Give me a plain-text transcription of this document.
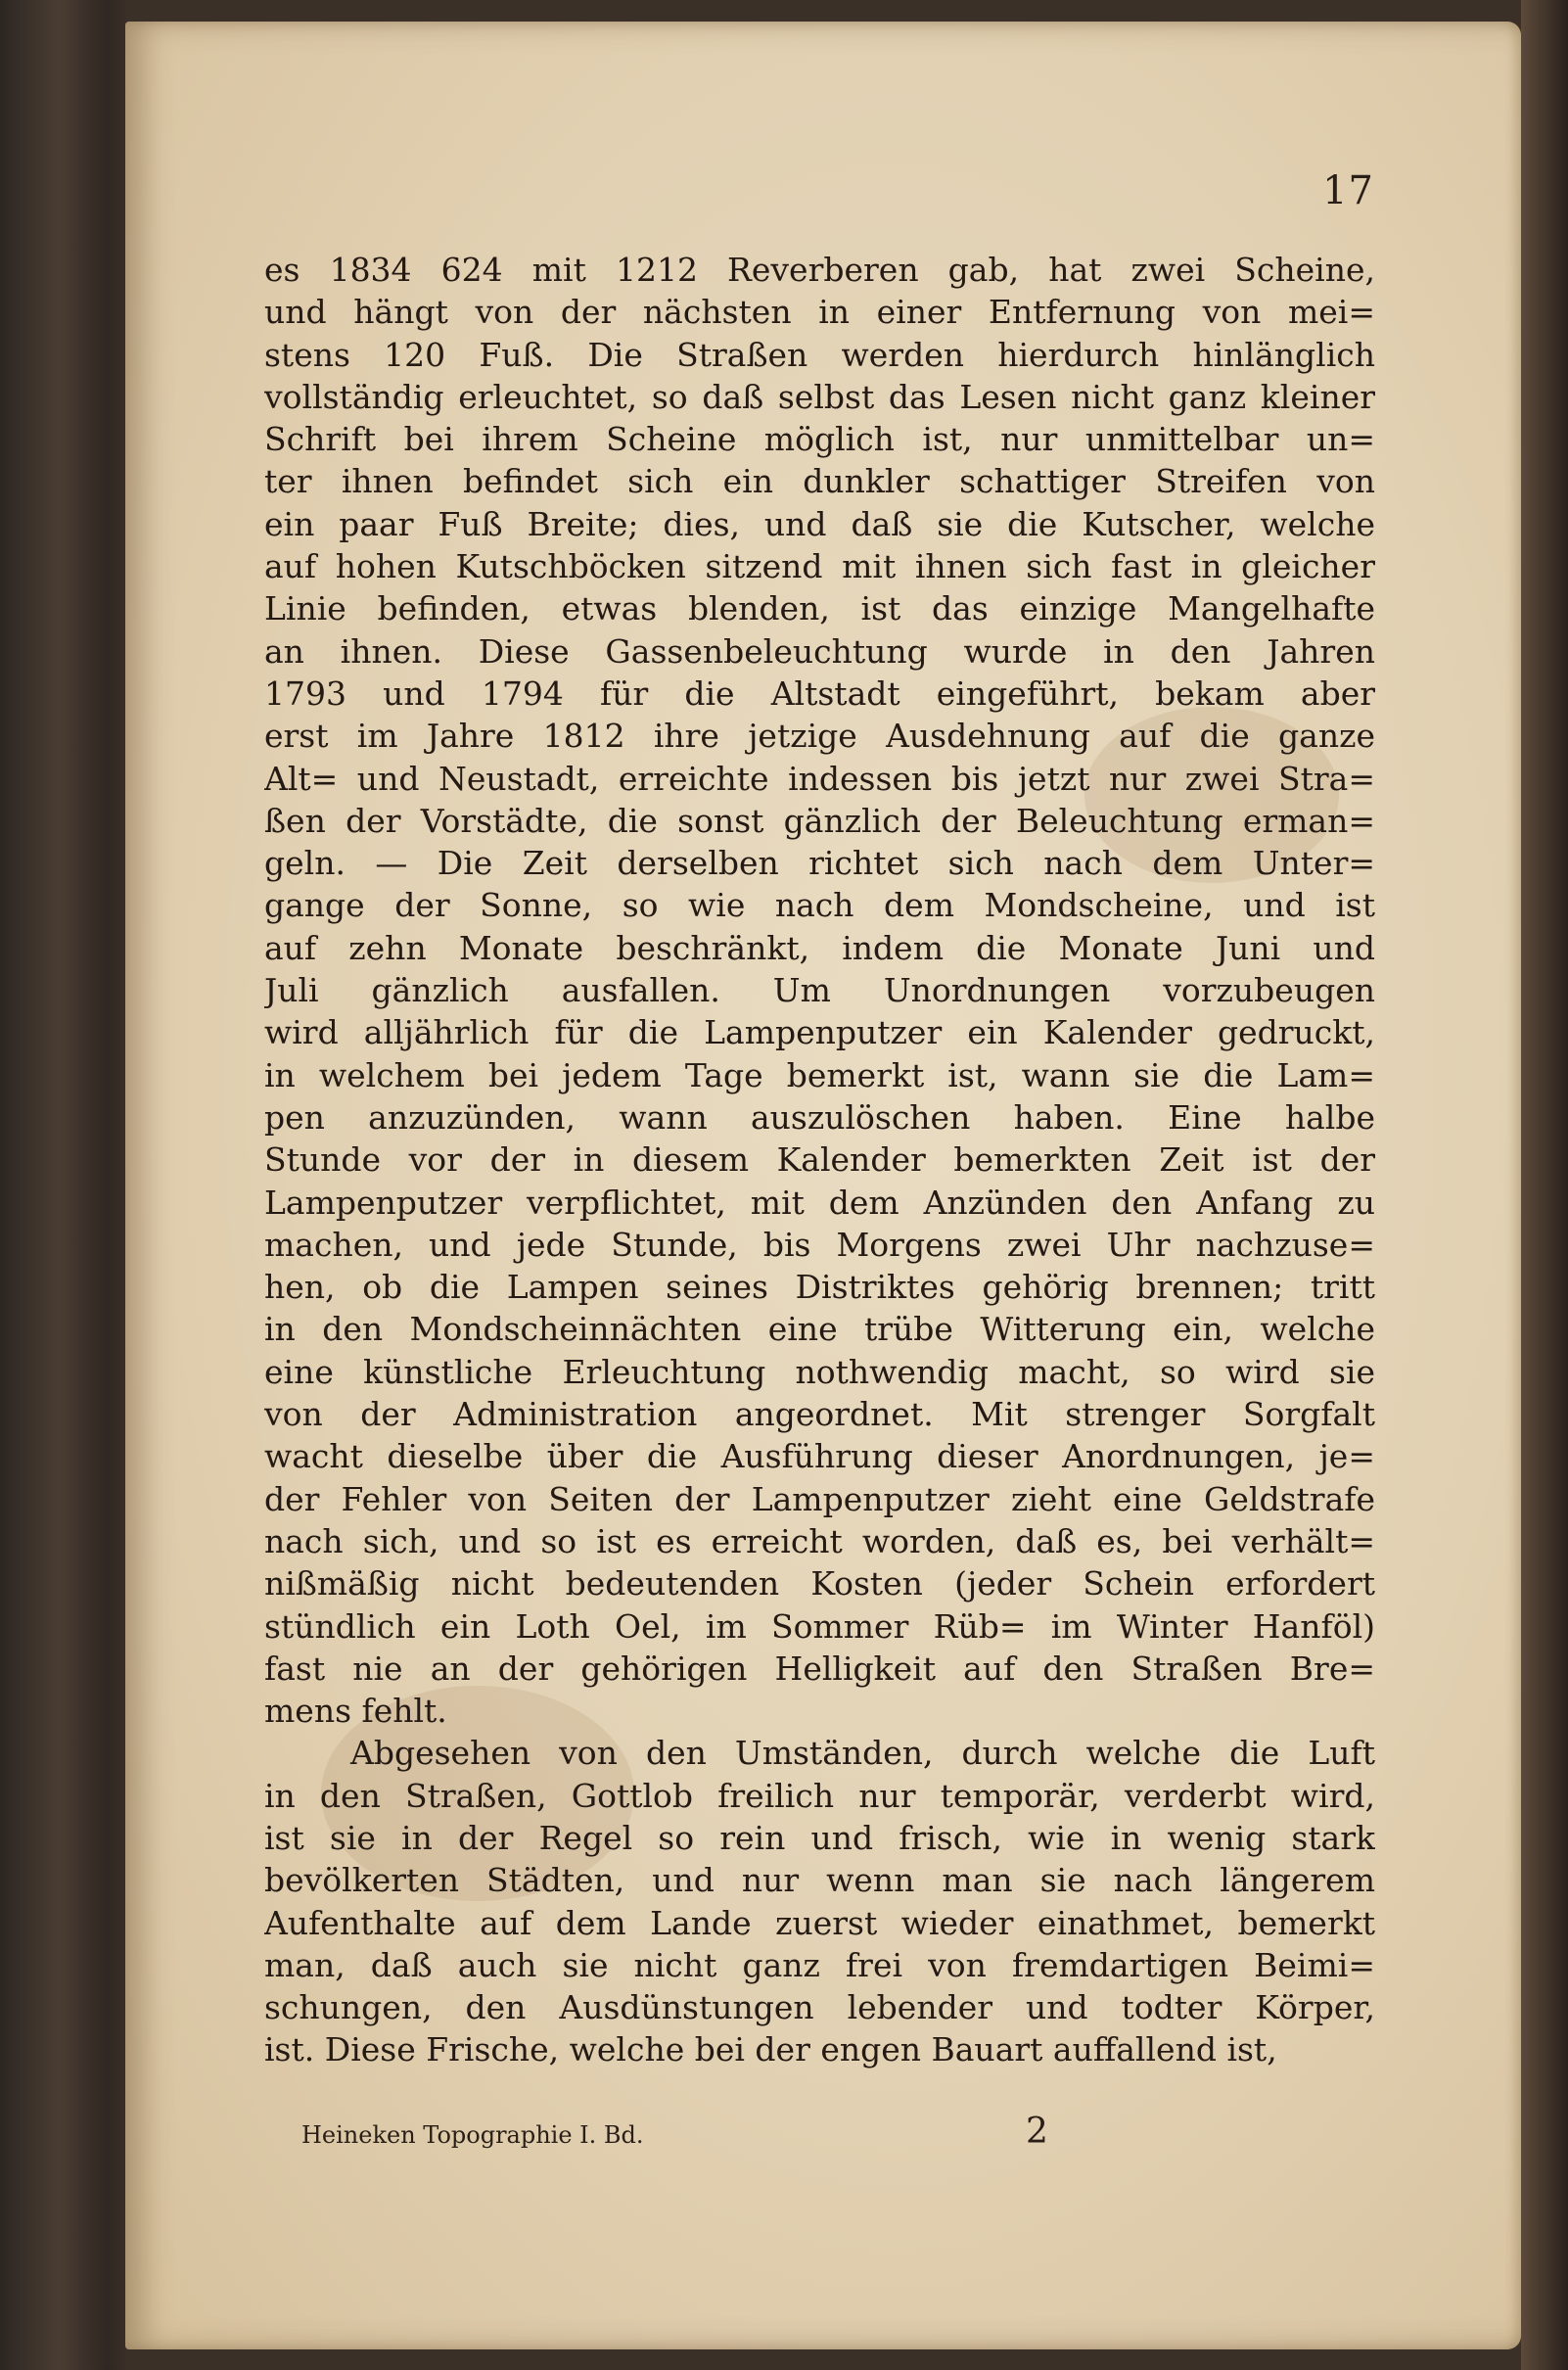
17
es 1834 624 mit 1212 Reverberen gab, hat zwei Scheine,
und hängt von der nächsten in einer Entfernung von mei=
stens 120 Fuß. Die Straßen werden hierdurch hinlänglich
vollständig erleuchtet, so daß selbst das Lesen nicht ganz kleiner
Schrift bei ihrem Scheine möglich ist, nur unmittelbar un=
ter ihnen befindet sich ein dunkler schattiger Streifen von
ein paar Fuß Breite; dies, und daß sie die Kutscher, welche
auf hohen Kutschböcken sitzend mit ihnen sich fast in gleicher
Linie befinden, etwas blenden, ist das einzige Mangelhafte
an ihnen. Diese Gassenbeleuchtung wurde in den Jahren
1793 und 1794 für die Altstadt eingeführt, bekam aber
erst im Jahre 1812 ihre jetzige Ausdehnung auf die ganze
Alt= und Neustadt, erreichte indessen bis jetzt nur zwei Stra=
ßen der Vorstädte, die sonst gänzlich der Beleuchtung erman=
geln. — Die Zeit derselben richtet sich nach dem Unter=
gange der Sonne, so wie nach dem Mondscheine, und ist
auf zehn Monate beschränkt, indem die Monate Juni und
Juli gänzlich ausfallen. Um Unordnungen vorzubeugen
wird alljährlich für die Lampenputzer ein Kalender gedruckt,
in welchem bei jedem Tage bemerkt ist, wann sie die Lam=
pen anzuzünden, wann auszulöschen haben. Eine halbe
Stunde vor der in diesem Kalender bemerkten Zeit ist der
Lampenputzer verpflichtet, mit dem Anzünden den Anfang zu
machen, und jede Stunde, bis Morgens zwei Uhr nachzuse=
hen, ob die Lampen seines Distriktes gehörig brennen; tritt
in den Mondscheinnächten eine trübe Witterung ein, welche
eine künstliche Erleuchtung nothwendig macht, so wird sie
von der Administration angeordnet. Mit strenger Sorgfalt
wacht dieselbe über die Ausführung dieser Anordnungen, je=
der Fehler von Seiten der Lampenputzer zieht eine Geldstrafe
nach sich, und so ist es erreicht worden, daß es, bei verhält=
nißmäßig nicht bedeutenden Kosten (jeder Schein erfordert
stündlich ein Loth Oel, im Sommer Rüb= im Winter Hanföl)
fast nie an der gehörigen Helligkeit auf den Straßen Bre=
mens fehlt.
Abgesehen von den Umständen, durch welche die Luft
in den Straßen, Gottlob freilich nur temporär, verderbt wird,
ist sie in der Regel so rein und frisch, wie in wenig stark
bevölkerten Städten, und nur wenn man sie nach längerem
Aufenthalte auf dem Lande zuerst wieder einathmet, bemerkt
man, daß auch sie nicht ganz frei von fremdartigen Beimi=
schungen, den Ausdünstungen lebender und todter Körper,
ist. Diese Frische, welche bei der engen Bauart auffallend ist,
Heineken Topographie I. Bd.	2
